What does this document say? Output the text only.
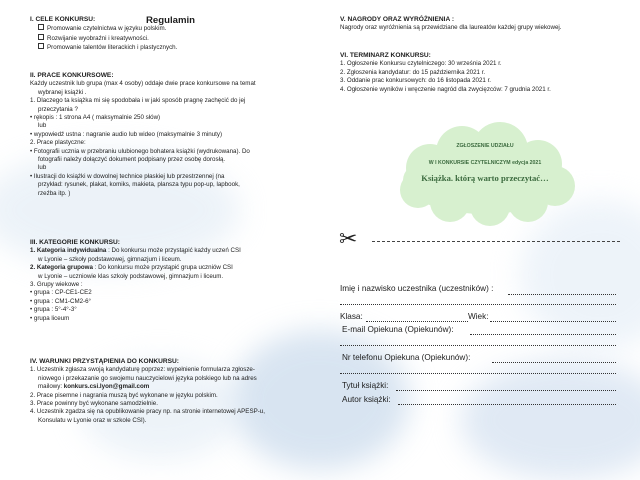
Regulamin

I. CELE KONKURSU:

Promowanie czytelnictwa w języku polskim.

Rozwijanie wyobraźni i kreatywności.

Promowanie talentów literackich i plastycznych.

II. PRACE KONKURSOWE:

Każdy uczestnik lub grupa (max 4 osoby) oddaje dwie prace konkursowe na temat

wybranej książki .

1. Dlaczego ta książka mi się spodobała i w jaki sposób pragnę zachęcić do jej

przeczytania ?

• rękopis : 1 strona A4 ( maksymalnie 250 słów)

lub

• wypowiedź ustna : nagranie audio lub wideo (maksymalnie 3 minuty)

2. Prace plastyczne:

• Fotografii ucznia w przebraniu ulubionego bohatera książki (wydrukowana). Do

fotografii należy dołączyć dokument podpisany przez osobę dorosłą.

lub

• Ilustracji do książki w dowolnej technice płaskiej lub przestrzennej (na

przykład: rysunek, plakat, komiks, makieta, plansza typu pop-up, lapbook,

rzeźba itp. )

III. KATEGORIE KONKURSU:

1. Kategoria indywidualna : Do konkursu może przystąpić każdy uczeń CSI

w Lyonie – szkoły podstawowej, gimnazjum i liceum.

2. Kategoria grupowa : Do konkursu może przystąpić grupa uczniów CSI

w Lyonie – uczniowie klas szkoły podstawowej, gimnazjum i liceum.

3. Grupy wiekowe :

• grupa : CP-CE1-CE2

• grupa : CM1-CM2-6°

• grupa : 5°-4°-3°

• grupa liceum

IV. WARUNKI PRZYSTĄPIENIA DO KONKURSU:

1. Uczestnik zgłasza swoją kandydaturę poprzez: wypełnienie formularza zgłosze-

niowego i przekazanie go swojemu nauczycielowi języka polskiego lub na adres

mailowy: konkurs.csi.lyon@gmail.com

2. Prace pisemne i nagrania muszą być wykonane w języku polskim.

3. Prace powinny być wykonane samodzielnie.

4. Uczestnik zgadza się na opublikowanie pracy np. na stronie internetowej APESP-u,

Konsulatu w Lyonie oraz w szkole CSI).

V. NAGRODY ORAZ WYRÓŻNIENIA :

Nagrody oraz wyróżnienia są przewidziane dla laureatów każdej grupy wiekowej.

VI. TERMINARZ KONKURSU:

1. Ogłoszenie Konkursu czytelniczego: 30 września 2021 r.

2. Zgłoszenia kandydatur: do 15 października 2021 r.

3. Oddanie prac konkursowych: do 16 listopada 2021 r.

4. Ogłoszenie wyników i wręczenie nagród dla zwycięzców: 7 grudnia 2021 r.

ZGŁOSZENIE UDZIAŁU
W I KONKURSIE CZYTELNICZYM edycja 2021
Książka. którą warto przeczytać…
✂
Imię i nazwisko uczestnika (uczestników) :
Klasa:	Wiek:
E-mail Opiekuna (Opiekunów):
Nr telefonu Opiekuna (Opiekunów):
Tytuł książki:
Autor książki:
